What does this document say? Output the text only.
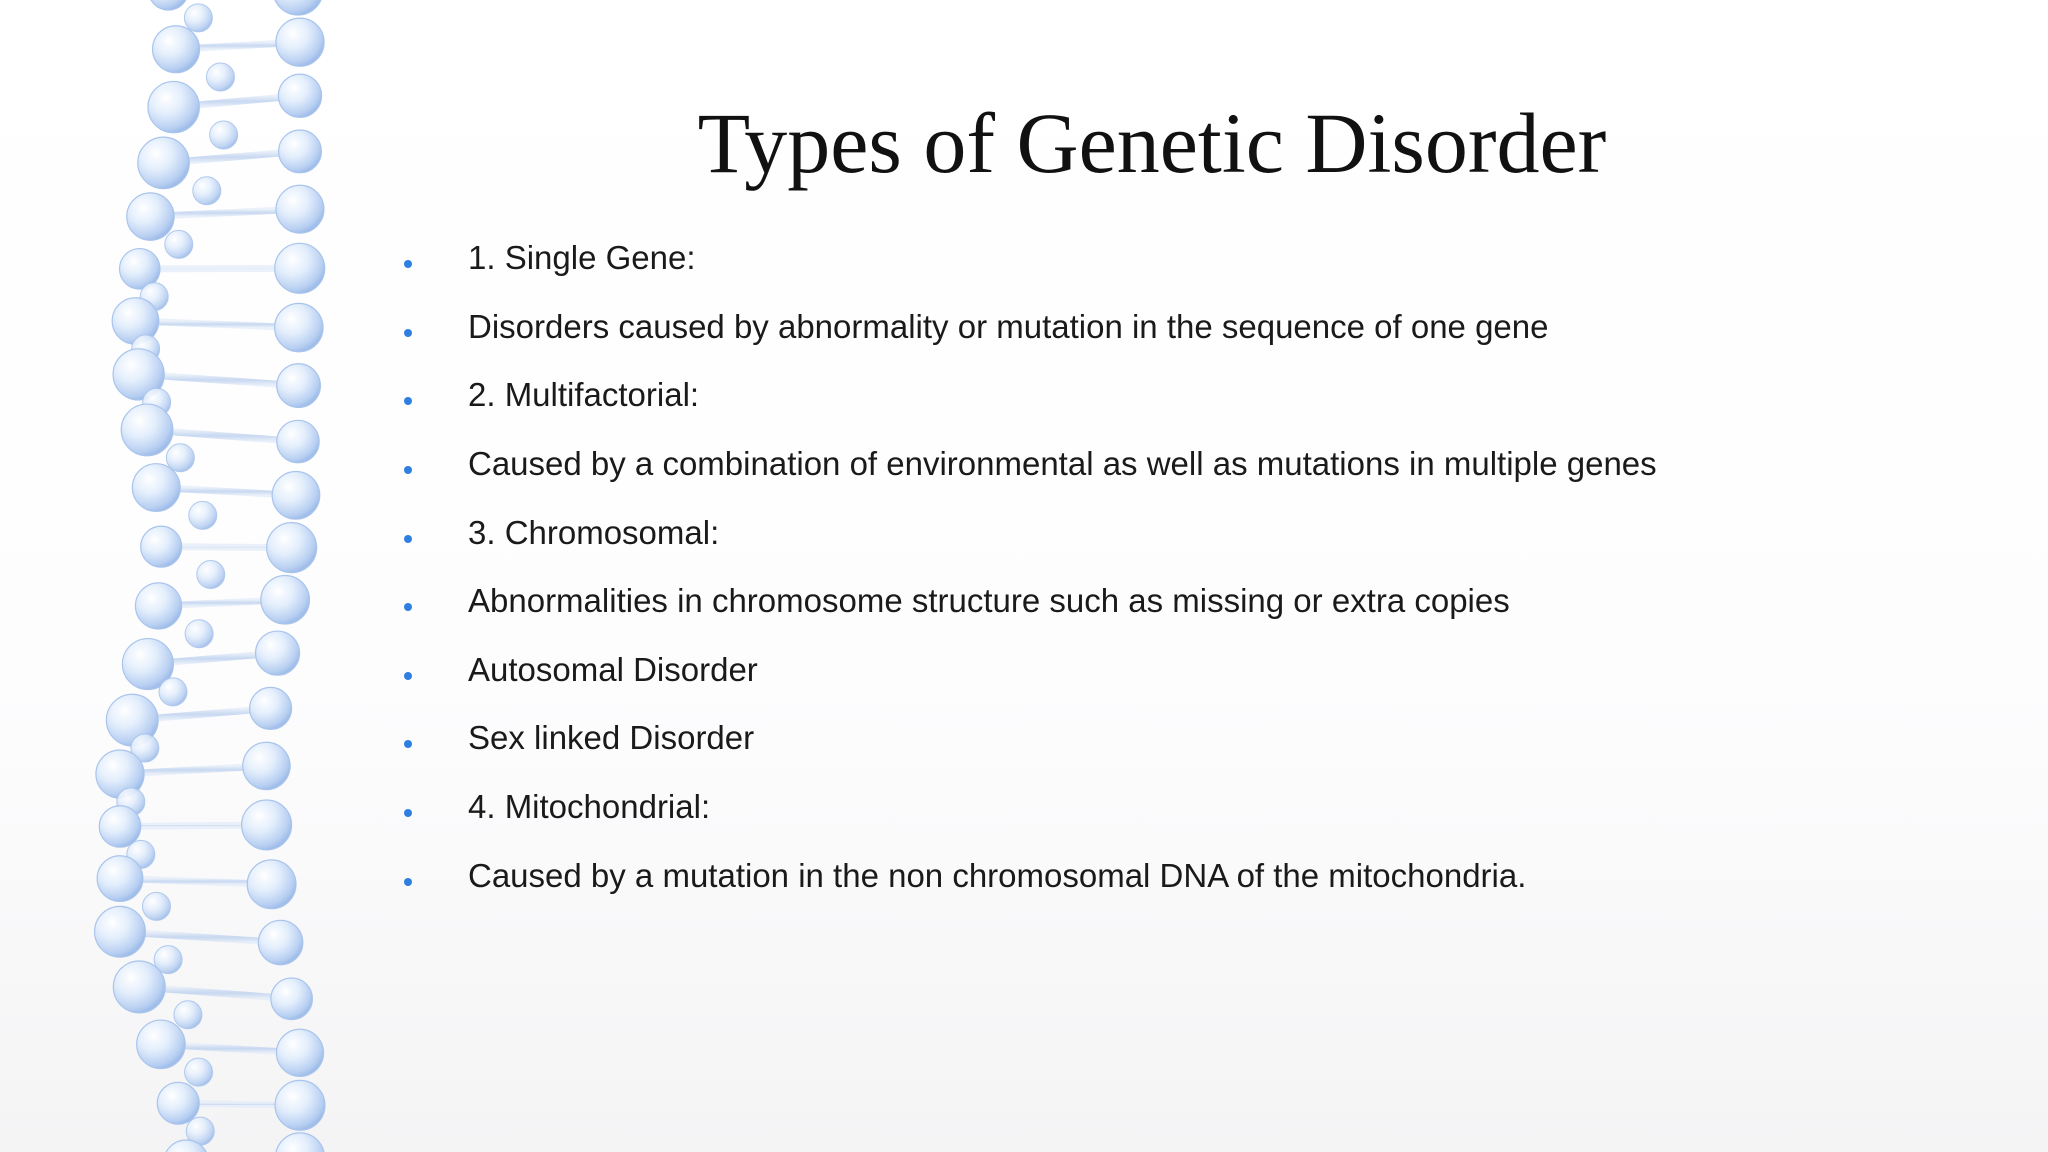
Types of Genetic Disorder
1. Single Gene:
Disorders caused by abnormality or mutation in the sequence of one gene
2. Multifactorial:
Caused by a combination of environmental as well as mutations in multiple genes
3. Chromosomal:
Abnormalities in chromosome structure such as missing or extra copies
Autosomal Disorder
Sex linked Disorder
4. Mitochondrial:
Caused by a mutation in the non chromosomal DNA of the mitochondria.
